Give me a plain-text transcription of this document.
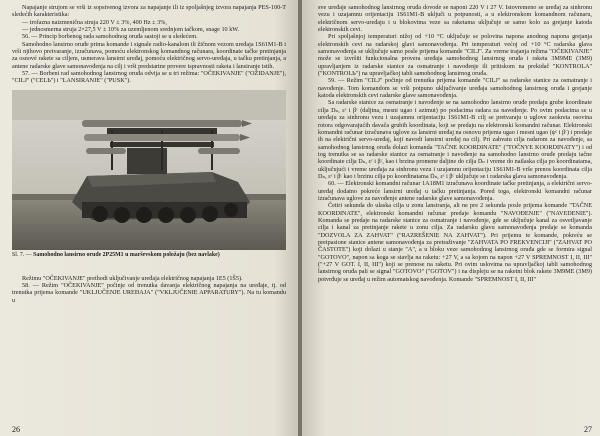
Napajanje strujom se vrši iz sopstvenog izvora za napajanje ili iz spoljašnjeg izvora napajanja PES-100-T sledećih karakteristika:

— trofazna naizmenična struja 220 V ± 3%, 400 Hz ± 3%,

— jednosmerna struja 2×27,5 V ± 10% za uzemljenom srednjom tačkom, snage 10 kW.

56. — Princip borbenog rada samohodnog oruđa sastoji se u sledećem.

Samohodno lansirno oruđe prima komande i signale radio-kanalom ili žičnom vezom uređaja 1S61M1-B i vrši njihovo pretvaranje, izračunava, pomoću elektronskog komandnog računara, koordinate tačke pretinjanja za osnové rakete sa ciljem, usmerava lansirni uređaj, pomoću električnog servo-uređaja, u tačku pretinjanja, a antene radarske glave samonavođenja na cilj i vrši predstartne provere ispravnosti raketa i lansiranje istih.

57. — Borbeni rad samohodnog lansirnog oruđa odvija se u tri režima: "OČEKIVANJE" ("OŽIDANJE"), "CILJ" ("CELЬ") i "LANSIRANJE" ("PUSK").

Sl. 7. — Samohodno lansirno oruđe 2P25M1 u marševskom položaju (bez navlake)

Režimu "OČEKIVANJE" prethodi uključivanje uređaja električnog napajanja 1E5 (1Š5).

58. — Režim "OČEKIVANJE" počinje od trenutka davanja električnog napajanja na uređaje, tj. od trenutka prijema komande "UKLJUČENJE UREĐAJA" ("VKLJUČENIE APPARATURY"). Na tu komandu u

26

sve uređaje samohodnog lansirnog oruđa dovode se naponi 220 V i 27 V. Istovremeno se uređaj za sinhronu vezu i uzajamnu orijentaciju 1S61M1-B uključi u potpunosti, a u elektronskom komandnom računaru, električnom servo-uređaju i u blokovima veze sa raketama uključuje se samo kolo za grejanje katoda elektronskih cevi.

Pri spoljašnjoj temperaturi nižoj od +10 °C uključuje se polovina napona anodnog napona grejanja elektronskih cevi na radarskoj glavi samonavođenja. Pri temperaturi većoj od +10 °C radarska glava samonavođenja se uključuje samo posle prijema komande "CILJ". Za vreme trajanja režima "OČEKIVANJE" može se izvršiti funkcionalna provera uređaja samohodnog lansirnog oruđa i raketa 3M9ME (3M9) upravljanjem iz radarske stanice za osmatranje i navođenje ili pritiskom na prekidač "KONTROLA" ("KONTROLЬ") na upravljačkoj tabli samohodnog lansirnog oruđa.

59. — Režim "CILJ" počinje od trenutka prijema komande "CILJ" sa radarske stanice za osmatranje i navođenje. Tom komandom se vrši potpuno uključivanje uređaja samohodnog lansirnog oruđa i grejanje katoda elektronskih cevi radarske glave samonavođenja.

Sa radarske stanice za osmatranje i navođenje se na samohodno lansirno oruđe predaju grube koordinate cilja Dₙ, εᶜ i βᶜ (daljina, mesni ugao i azimut) po podacima radara za navođenje. Po ovim podacima se u uređaju za sinhronu vezu i uzajamnu orijentaciju 1S61M1-B cilj se pretvaraju u uglove zaokreta osovina rotora odgovarajućih davača grubih koordinata, koji se predaju na elektronski komandni računar. Elektronski komandni računar izračunava uglove za lansirni uređaj na osnovu prijema ugao i mesni ugao (ψᶜ i βᶜ) i predaje ih na električni servo-uređaj, koji navodi lansirni uređaj na cilj. Pri zahvatu cilja radarom za navođenje, sa samohodnog lansirnog oruđa dolazi komanda "TAČNE KOORDINATE" ("TOČNYE KOORDINATY") i od tog trenutka se sa radarske stanice za osmatranje i navođenje na samohodno lansirno oruđe predaju tačne koordinate cilja Dₙ, εᶜ i βᶜ, kao i brzina promene daljine do cilja Ḋₙ i vreme do nailaska cilja po koordinatama, uključujući i vreme uređaja za sinhronu vezu i uzajamnu orijentaciju 1S61M1-B vrše prenos koordinata cilja Dₙ, εᶜ i βᶜ kao i brzinu cilja po koordinatama Ḋₙ, εᶜ i βᶜ uključuje se i radarska glava samonavođenja.

60. — Elektronski komandni računar 1A18M1 izračunava koordinate tačke pretinjanja, a električni servo-uređaj dodatno pokreće lansirni uređaj u tačku pretinjanja. Pored toga, elektronski komandni računar izračunava uglove za navođenje antene radarske glave samonavođenja.

Četiri sekunda do ulaska cilja u zonu lansiranja, ali ne pre 2 sekunda posle prijema komande "TAČNE KOORDINATE", elektronski komandni računar predaje komandu "NAVOĐENJE" ("NAVEDENIE"). Komanda se predaje na radarske stanice za osmatranje i navođenje, gde se uključuje kanal za osvetljavanje cilja i kanal za pretinjanje rakete u zonu cilja. Za radarsku glavu samonavođenja predaje se komanda "DOZVOLA ZA ZAHVAT" ("RAZREŠENIE NA ZAHVAT"). Pri prijemu te komande, pokreću se pretpasione stanice antene samonavođenja za pretraživanje "ZAHVATA PO FREKVENCIJI" ("ZAHVAT PO ČASTOTE") koji dolazi u stanje "A", a u bloku veze samohodnog lansirnog oruđa gde se formira signal "GOTOVO", napon sa koga se stavlja na raketu: +27 V, a sa kojom na napon +27 V SPREMNOST I, II, III" ("+27 V GOT. I, II, III") koji se prenose na raketu. Pri ovim uslovima na upravljačkoj tabli samohodnog lansirnog oruđa pali se signal "GOTOVO" ("GOTOV") i na displeju se na raketni blok rakete 3M9ME (3M9) potvrđuje se uređaj u režim automatskog navođenja. Komande "SPREMNOST I, II, III"

27
